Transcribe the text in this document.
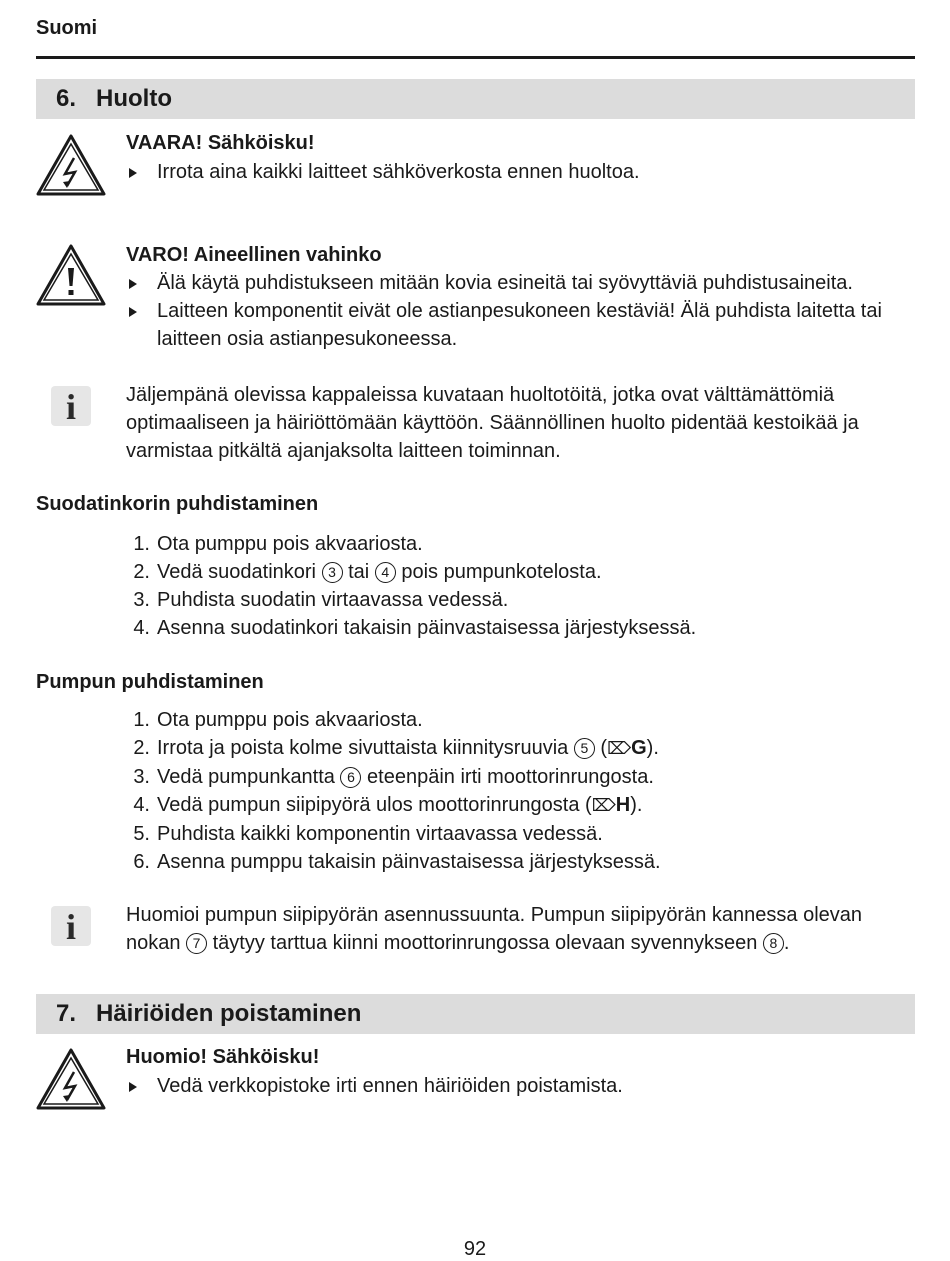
Suomi
6. Huolto
VAARA! Sähköisku!
Irrota aina kaikki laitteet sähköverkosta ennen huoltoa.
VARO! Aineellinen vahinko
Älä käytä puhdistukseen mitään kovia esineitä tai syövyttäviä puhdistusaineita.
Laitteen komponentit eivät ole astianpesukoneen kestäviä! Älä puhdista laitetta tai laitteen osia astianpesukoneessa.
i	Jäljempänä olevissa kappaleissa kuvataan huoltotöitä, jotka ovat välttämättömiä optimaaliseen ja häiriöttömään käyttöön. Säännöllinen huolto pidentää kestoikää ja varmistaa pitkältä ajanjaksolta laitteen toiminnan.
Suodatinkorin puhdistaminen
1. Ota pumppu pois akvaariosta.
2. Vedä suodatinkori 3 tai 4 pois pumpunkotelosta.
3. Puhdista suodatin virtaavassa vedessä.
4. Asenna suodatinkori takaisin päinvastaisessa järjestyksessä.
Pumpun puhdistaminen
1. Ota pumppu pois akvaariosta.
2. Irrota ja poista kolme sivuttaista kiinnitysruuvia 5 (⌦G).
3. Vedä pumpunkantta 6 eteenpäin irti moottorinrungosta.
4. Vedä pumpun siipipyörä ulos moottorinrungosta (⌦H).
5. Puhdista kaikki komponentin virtaavassa vedessä.
6. Asenna pumppu takaisin päinvastaisessa järjestyksessä.
i	Huomioi pumpun siipipyörän asennussuunta. Pumpun siipipyörän kannessa olevan
nokan 7 täytyy tarttua kiinni moottorinrungossa olevaan syvennykseen 8 .
7. Häiriöiden poistaminen
Huomio! Sähköisku!
Vedä verkkopistoke irti ennen häiriöiden poistamista.
92
